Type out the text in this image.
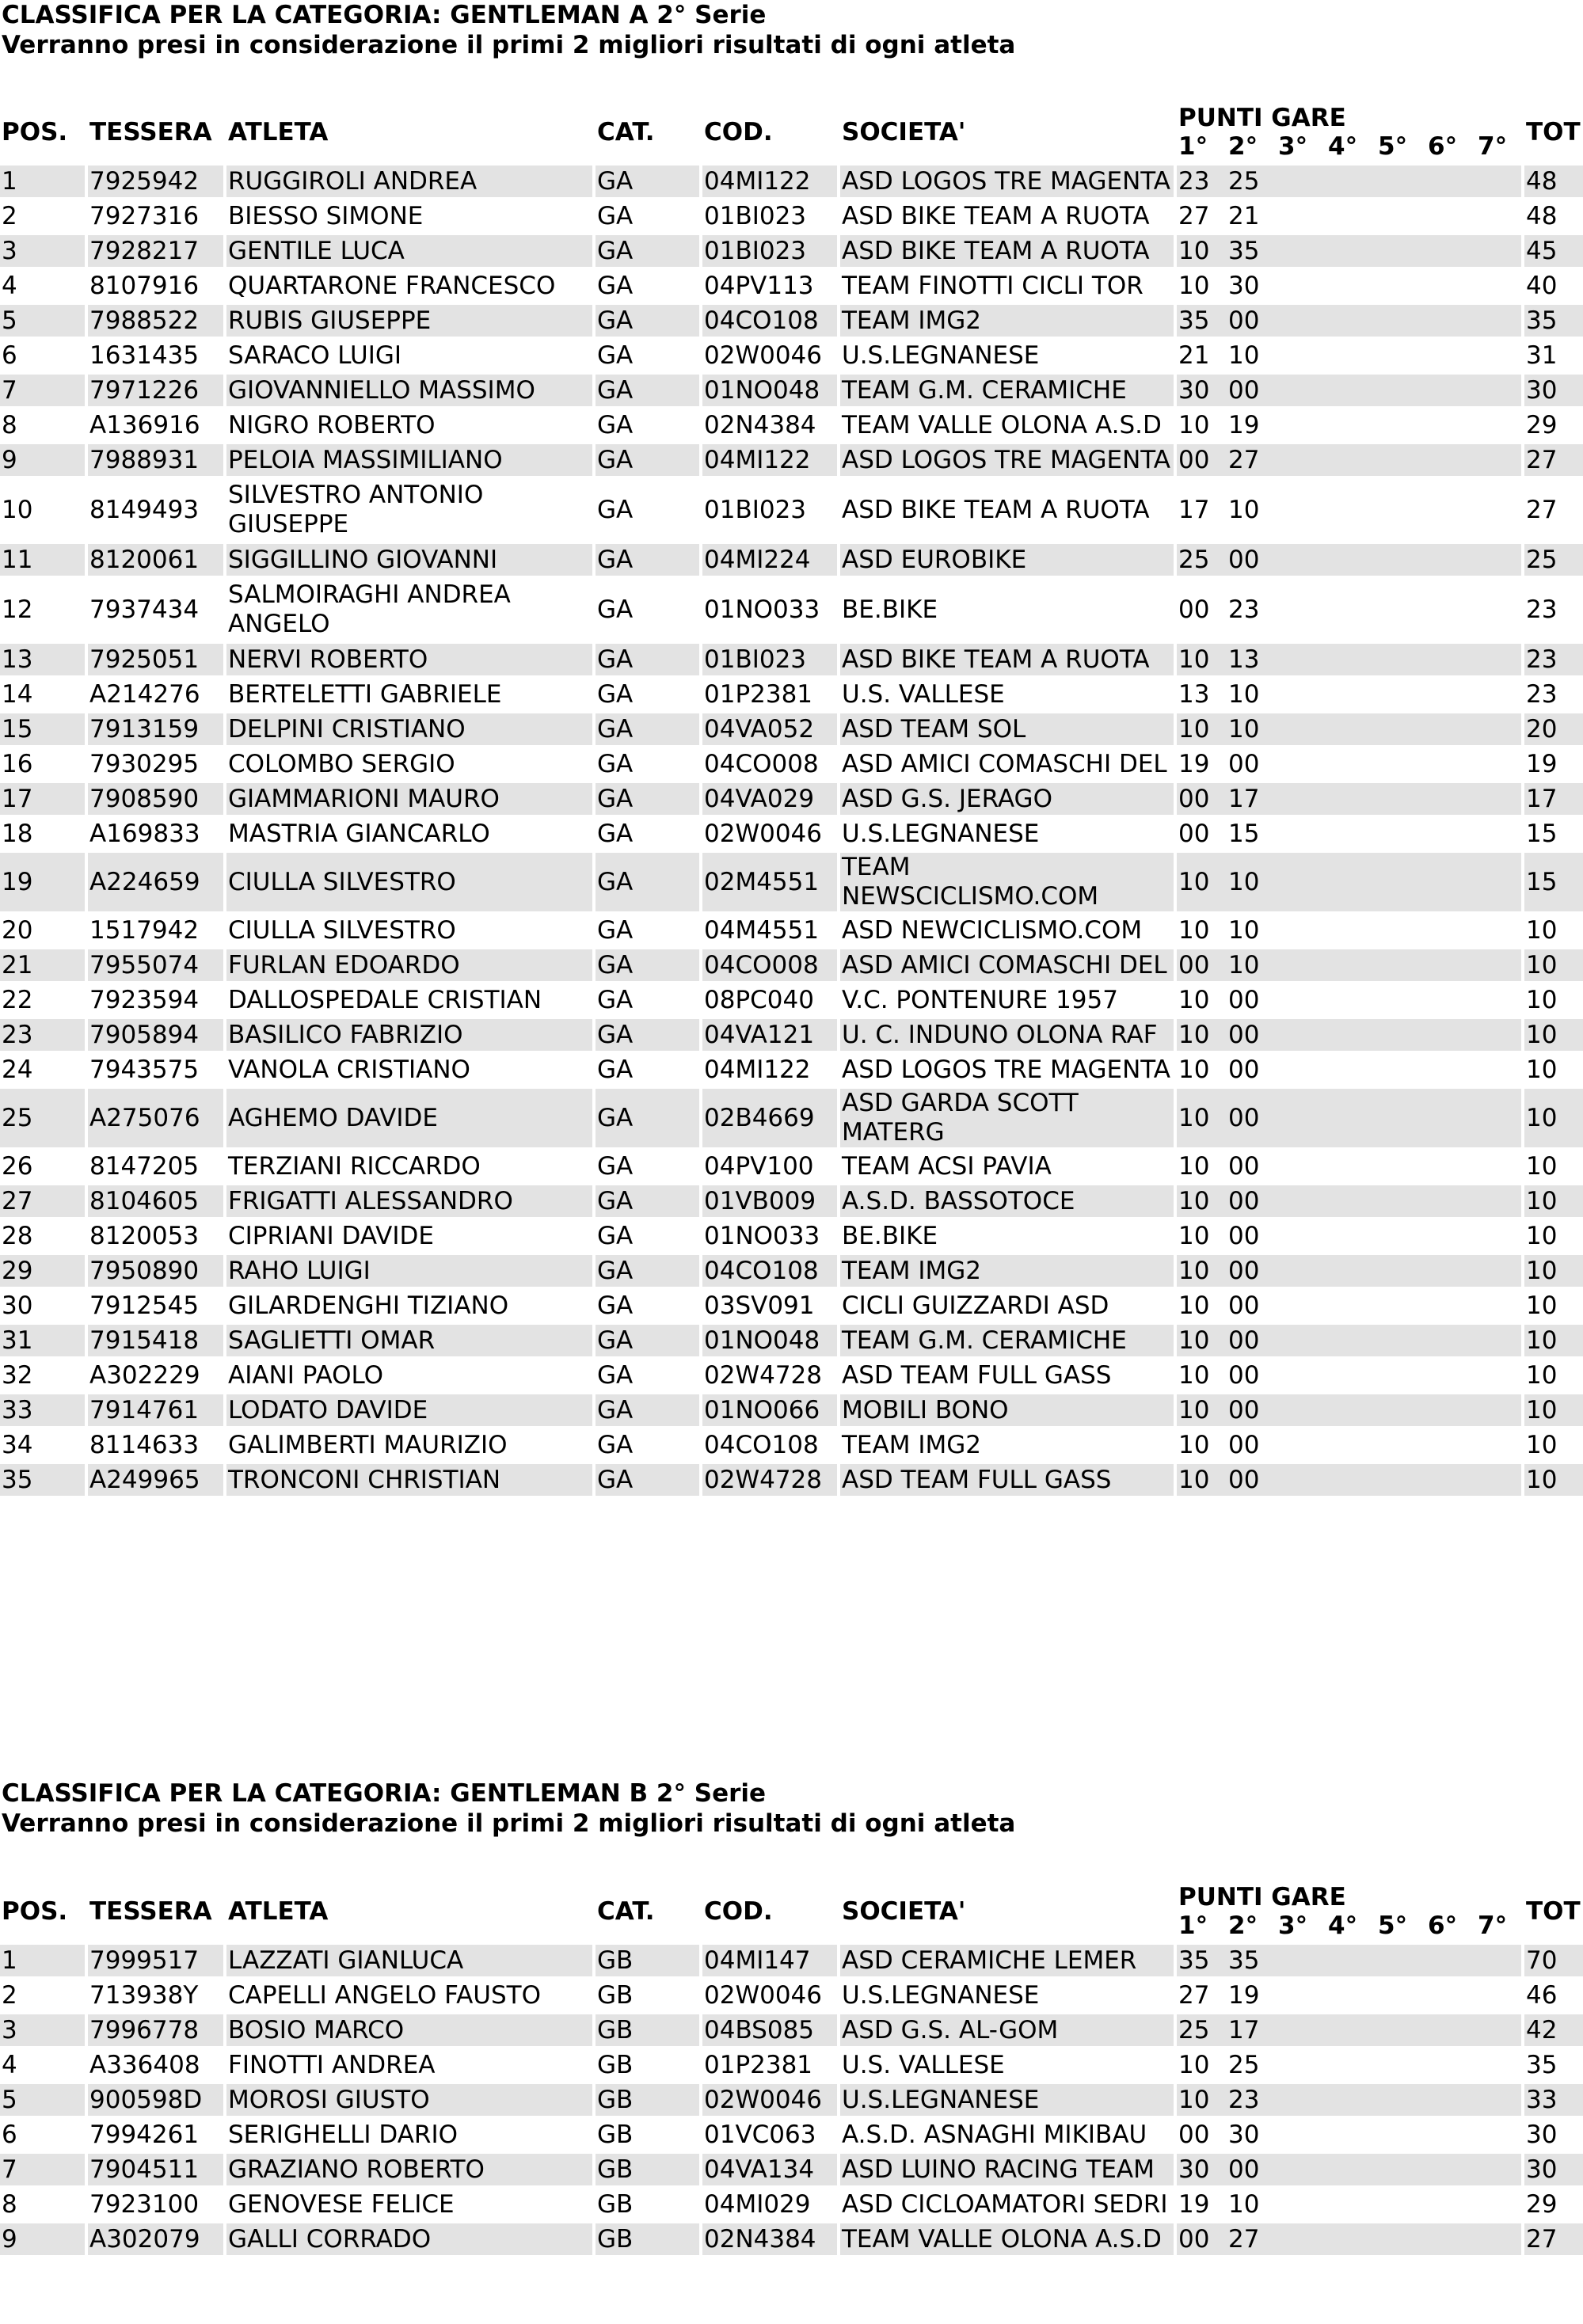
CLASSIFICA PER LA CATEGORIA: GENTLEMAN A 2° Serie
Verranno presi in considerazione il primi 2 migliori risultati di ogni atleta
POS.	TESSERA	ATLETA	CAT.	COD.	SOCIETA'	PUNTI GARE
1° 2° 3° 4° 5° 6° 7°	TOT
1	7925942	RUGGIROLI ANDREA	GA	04MI122	ASD LOGOS TRE MAGENTA	23 25	48
2	7927316	BIESSO SIMONE	GA	01BI023	ASD BIKE TEAM A RUOTA	27 21	48
3	7928217	GENTILE LUCA	GA	01BI023	ASD BIKE TEAM A RUOTA	10 35	45
4	8107916	QUARTARONE FRANCESCO	GA	04PV113	TEAM FINOTTI CICLI TOR	10 30	40
5	7988522	RUBIS GIUSEPPE	GA	04CO108	TEAM IMG2	35 00	35
6	1631435	SARACO LUIGI	GA	02W0046	U.S.LEGNANESE	21 10	31
7	7971226	GIOVANNIELLO MASSIMO	GA	01NO048	TEAM G.M. CERAMICHE	30 00	30
8	A136916	NIGRO ROBERTO	GA	02N4384	TEAM VALLE OLONA A.S.D	10 19	29
9	7988931	PELOIA MASSIMILIANO	GA	04MI122	ASD LOGOS TRE MAGENTA	00 27	27
10	8149493	SILVESTRO ANTONIO GIUSEPPE	GA	01BI023	ASD BIKE TEAM A RUOTA	17 10	27
11	8120061	SIGGILLINO GIOVANNI	GA	04MI224	ASD EUROBIKE	25 00	25
12	7937434	SALMOIRAGHI ANDREA ANGELO	GA	01NO033	BE.BIKE	00 23	23
13	7925051	NERVI ROBERTO	GA	01BI023	ASD BIKE TEAM A RUOTA	10 13	23
14	A214276	BERTELETTI GABRIELE	GA	01P2381	U.S. VALLESE	13 10	23
15	7913159	DELPINI CRISTIANO	GA	04VA052	ASD TEAM SOL	10 10	20
16	7930295	COLOMBO SERGIO	GA	04CO008	ASD AMICI COMASCHI DEL	19 00	19
17	7908590	GIAMMARIONI MAURO	GA	04VA029	ASD G.S. JERAGO	00 17	17
18	A169833	MASTRIA GIANCARLO	GA	02W0046	U.S.LEGNANESE	00 15	15
19	A224659	CIULLA SILVESTRO	GA	02M4551	TEAM NEWSCICLISMO.COM	10 10	15
20	1517942	CIULLA SILVESTRO	GA	04M4551	ASD NEWCICLISMO.COM	10 10	10
21	7955074	FURLAN EDOARDO	GA	04CO008	ASD AMICI COMASCHI DEL	00 10	10
22	7923594	DALLOSPEDALE CRISTIAN	GA	08PC040	V.C. PONTENURE 1957	10 00	10
23	7905894	BASILICO FABRIZIO	GA	04VA121	U. C. INDUNO OLONA RAF	10 00	10
24	7943575	VANOLA CRISTIANO	GA	04MI122	ASD LOGOS TRE MAGENTA	10 00	10
25	A275076	AGHEMO DAVIDE	GA	02B4669	ASD GARDA SCOTT MATERG	10 00	10
26	8147205	TERZIANI RICCARDO	GA	04PV100	TEAM ACSI PAVIA	10 00	10
27	8104605	FRIGATTI ALESSANDRO	GA	01VB009	A.S.D. BASSOTOCE	10 00	10
28	8120053	CIPRIANI DAVIDE	GA	01NO033	BE.BIKE	10 00	10
29	7950890	RAHO LUIGI	GA	04CO108	TEAM IMG2	10 00	10
30	7912545	GILARDENGHI TIZIANO	GA	03SV091	CICLI GUIZZARDI ASD	10 00	10
31	7915418	SAGLIETTI OMAR	GA	01NO048	TEAM G.M. CERAMICHE	10 00	10
32	A302229	AIANI PAOLO	GA	02W4728	ASD TEAM FULL GASS	10 00	10
33	7914761	LODATO DAVIDE	GA	01NO066	MOBILI BONO	10 00	10
34	8114633	GALIMBERTI MAURIZIO	GA	04CO108	TEAM IMG2	10 00	10
35	A249965	TRONCONI CHRISTIAN	GA	02W4728	ASD TEAM FULL GASS	10 00	10
CLASSIFICA PER LA CATEGORIA: GENTLEMAN B 2° Serie
Verranno presi in considerazione il primi 2 migliori risultati di ogni atleta
POS.	TESSERA	ATLETA	CAT.	COD.	SOCIETA'	PUNTI GARE
1° 2° 3° 4° 5° 6° 7°	TOT
1	7999517	LAZZATI GIANLUCA	GB	04MI147	ASD CERAMICHE LEMER	35 35	70
2	713938Y	CAPELLI ANGELO FAUSTO	GB	02W0046	U.S.LEGNANESE	27 19	46
3	7996778	BOSIO MARCO	GB	04BS085	ASD G.S. AL-GOM	25 17	42
4	A336408	FINOTTI ANDREA	GB	01P2381	U.S. VALLESE	10 25	35
5	900598D	MOROSI GIUSTO	GB	02W0046	U.S.LEGNANESE	10 23	33
6	7994261	SERIGHELLI DARIO	GB	01VC063	A.S.D. ASNAGHI MIKIBAU	00 30	30
7	7904511	GRAZIANO ROBERTO	GB	04VA134	ASD LUINO RACING TEAM	30 00	30
8	7923100	GENOVESE FELICE	GB	04MI029	ASD CICLOAMATORI SEDRI	19 10	29
9	A302079	GALLI CORRADO	GB	02N4384	TEAM VALLE OLONA A.S.D	00 27	27
